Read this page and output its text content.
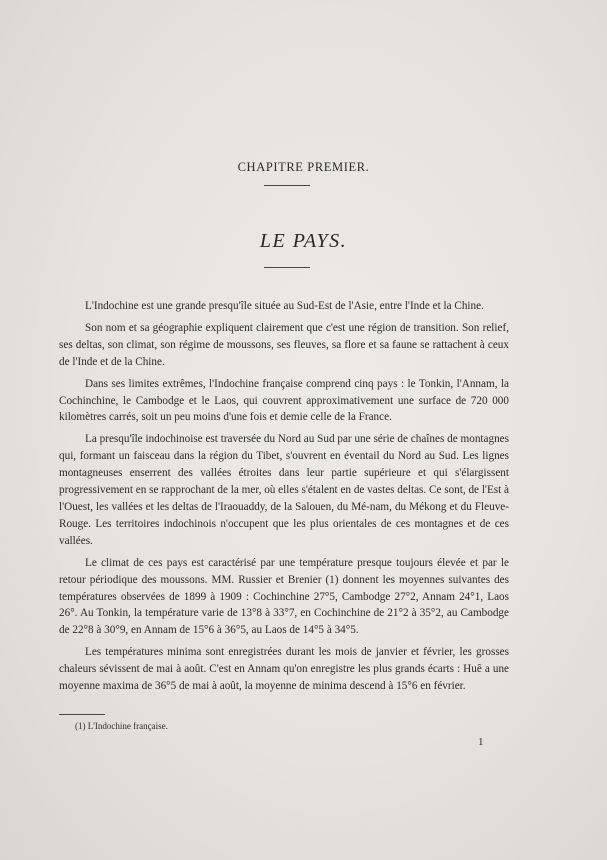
CHAPITRE PREMIER.
LE PAYS.

L'Indochine est une grande presqu'île située au Sud-Est de l'Asie, entre l'Inde et la Chine.

Son nom et sa géographie expliquent clairement que c'est une région de transition. Son relief, ses deltas, son climat, son régime de moussons, ses fleuves, sa flore et sa faune se rattachent à ceux de l'Inde et de la Chine.

Dans ses limites extrêmes, l'Indochine française comprend cinq pays : le Tonkin, l'Annam, la Cochinchine, le Cambodge et le Laos, qui couvrent approximativement une surface de 720 000 kilomètres carrés, soit un peu moins d'une fois et demie celle de la France.

La presqu'île indochinoise est traversée du Nord au Sud par une série de chaînes de montagnes qui, formant un faisceau dans la région du Tibet, s'ouvrent en éventail du Nord au Sud. Les lignes montagneuses enserrent des vallées étroites dans leur partie supérieure et qui s'élargissent progressivement en se rapprochant de la mer, où elles s'étalent en de vastes deltas. Ce sont, de l'Est à l'Ouest, les vallées et les deltas de l'Iraouaddy, de la Salouen, du Mé-nam, du Mékong et du Fleuve-Rouge. Les territoires indochinois n'occupent que les plus orientales de ces montagnes et de ces vallées.

Le climat de ces pays est caractérisé par une température presque toujours élevée et par le retour périodique des moussons. MM. Russier et Brenier (1) donnent les moyennes suivantes des températures observées de 1899 à 1909 : Cochinchine 27°5, Cambodge 27°2, Annam 24°1, Laos 26°. Au Tonkin, la température varie de 13°8 à 33°7, en Cochinchine de 21°2 à 35°2, au Cambodge de 22°8 à 30°9, en Annam de 15°6 à 36°5, au Laos de 14°5 à 34°5.

Les températures minima sont enregistrées durant les mois de janvier et février, les grosses chaleurs sévissent de mai à août. C'est en Annam qu'on enregistre les plus grands écarts : Huê a une moyenne maxima de 36°5 de mai à août, la moyenne de minima descend à 15°6 en février.

(1) L'Indochine française.
1
